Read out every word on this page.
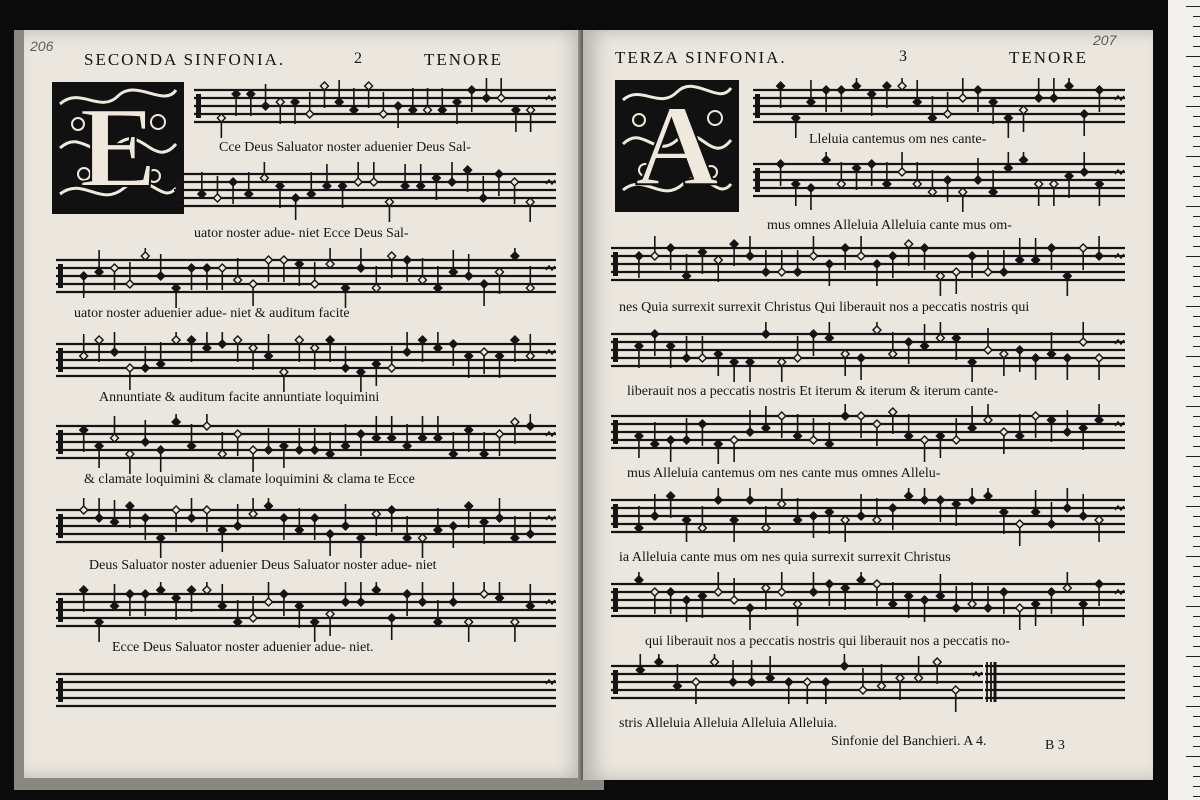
206
SECONDA SINFONIA.	2	TENORE
E	Cce Deus Saluator noster aduenier Deus Sal-
uator noster adue- niet Ecce Deus Sal-
uator noster aduenier adue- niet & auditum facite
Annuntiate & auditum facite annuntiate loquimini
& clamate loquimini & clamate loquimini & clama te Ecce
Deus Saluator noster aduenier Deus Saluator noster adue- niet
Ecce Deus Saluator noster aduenier adue- niet.
207
TERZA SINFONIA.	3	TENORE
A
Sinfonie del Banchieri. A 4.	B 3
Lleluia cantemus om nes cante-
mus omnes Alleluia Alleluia cante mus om-
nes Quia surrexit surrexit Christus Qui liberauit nos a peccatis nostris qui
liberauit nos a peccatis nostris Et iterum & iterum & iterum cante-
mus Alleluia cantemus om nes cante mus omnes Allelu-
ia Alleluia cante mus om nes quia surrexit surrexit Christus
qui liberauit nos a peccatis nostris qui liberauit nos a peccatis no-
stris Alleluia Alleluia Alleluia Alleluia.
